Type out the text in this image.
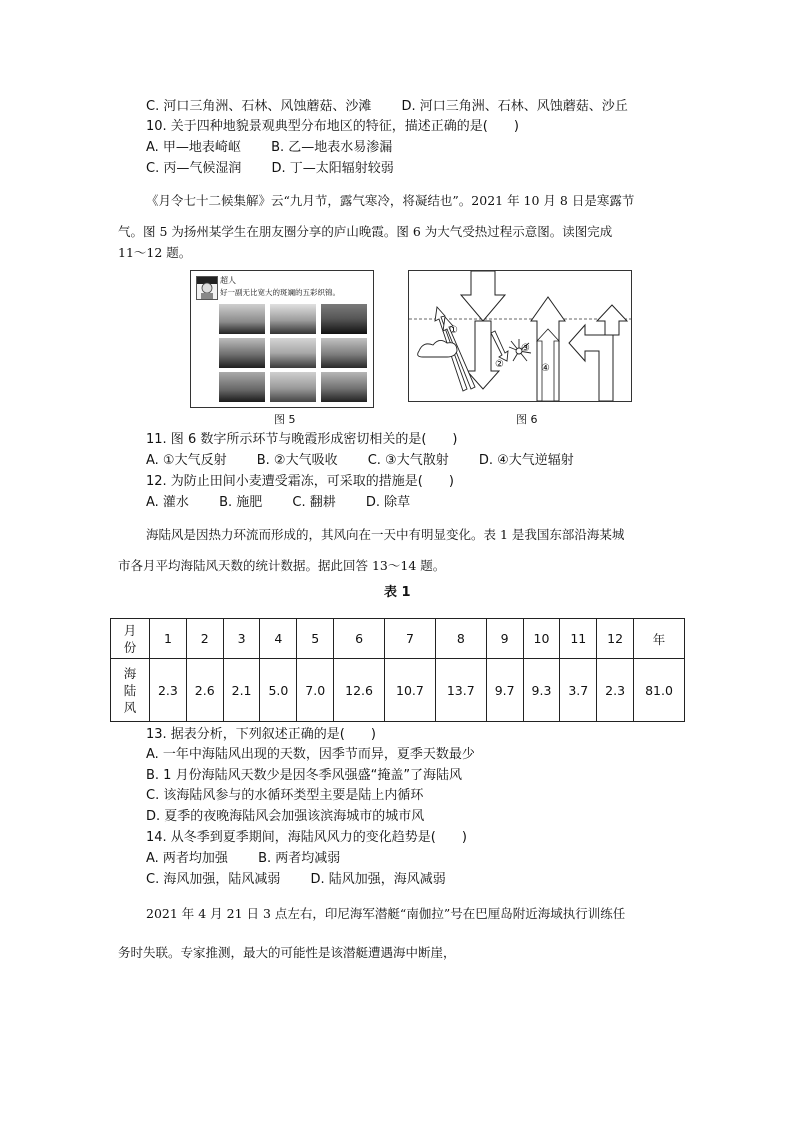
C. 河口三角洲、石林、风蚀蘑菇、沙滩 D. 河口三角洲、石林、风蚀蘑菇、沙丘
10. 关于四种地貌景观典型分布地区的特征，描述正确的是(　　)
A. 甲—地表崎岖 B. 乙—地表水易渗漏
C. 丙—气候湿润 D. 丁—太阳辐射较弱
《月令七十二候集解》云“九月节，露气寒冷，将凝结也”。2021 年 10 月 8 日是寒露节
气。图 5 为扬州某学生在朋友圈分享的庐山晚霞。图 6 为大气受热过程示意图。读图完成
11～12 题。
超人
好一副无比宽大的斑斓的五彩织锦。
图 5
①
②
③
④
图 6
11. 图 6 数字所示环节与晚霞形成密切相关的是(　　)
A. ①大气反射 B. ②大气吸收 C. ③大气散射 D. ④大气逆辐射
12. 为防止田间小麦遭受霜冻，可采取的措施是(　　)
A. 灌水 B. 施肥 C. 翻耕 D. 除草
海陆风是因热力环流而形成的，其风向在一天中有明显变化。表 1 是我国东部沿海某城
市各月平均海陆风天数的统计数据。据此回答 13～14 题。
表 1
月份	1	2	3	4	5	6	7	8	9	10	11	12	年
海陆风	2.3	2.6	2.1	5.0	7.0	12.6	10.7	13.7	9.7	9.3	3.7	2.3	81.0
13. 据表分析，下列叙述正确的是(　　)
A. 一年中海陆风出现的天数，因季节而异，夏季天数最少
B. 1 月份海陆风天数少是因冬季风强盛“掩盖”了海陆风
C. 该海陆风参与的水循环类型主要是陆上内循环
D. 夏季的夜晚海陆风会加强该滨海城市的城市风
14. 从冬季到夏季期间，海陆风风力的变化趋势是(　　)
A. 两者均加强 B. 两者均减弱
C. 海风加强，陆风减弱 D. 陆风加强，海风减弱
2021 年 4 月 21 日 3 点左右，印尼海军潜艇“南伽拉”号在巴厘岛附近海域执行训练任
务时失联。专家推测，最大的可能性是该潜艇遭遇海中断崖，
